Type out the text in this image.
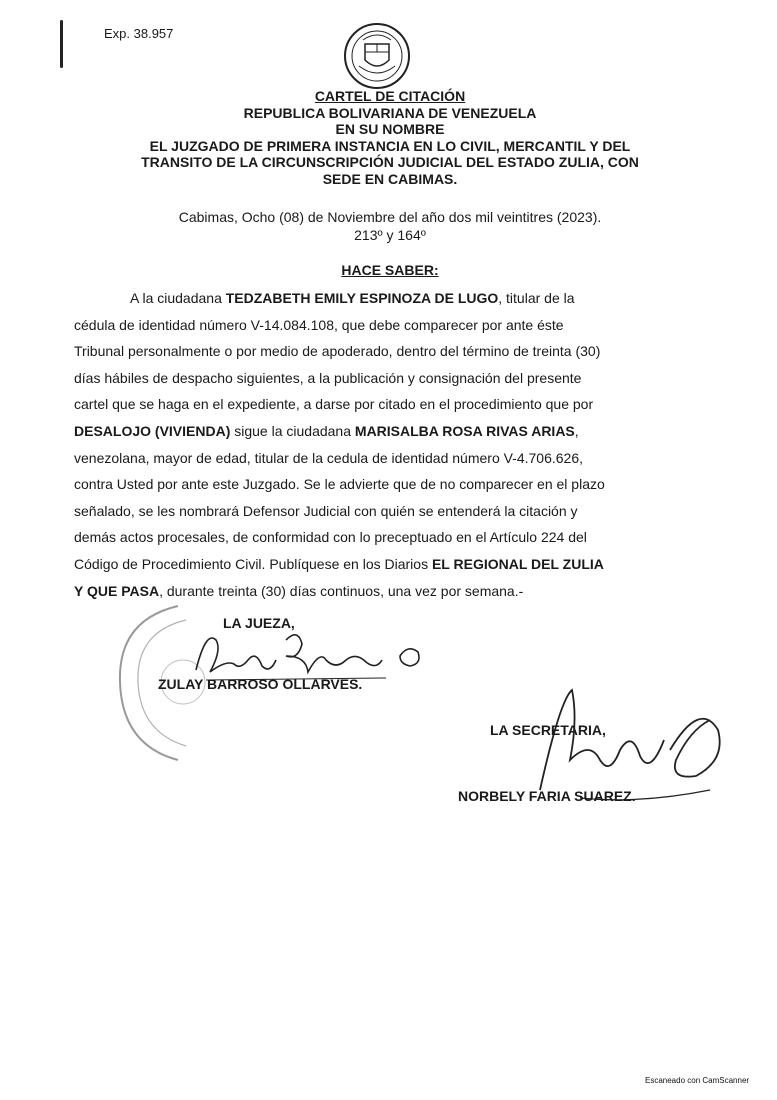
Exp. 38.957
CARTEL DE CITACIÓN
REPUBLICA BOLIVARIANA DE VENEZUELA
EN SU NOMBRE
EL JUZGADO DE PRIMERA INSTANCIA EN LO CIVIL, MERCANTIL Y DEL
TRANSITO DE LA CIRCUNSCRIPCIÓN JUDICIAL DEL ESTADO ZULIA, CON
SEDE EN CABIMAS.
Cabimas, Ocho (08) de Noviembre del año dos mil veintitres (2023).
213º y 164º
HACE SABER:
A la ciudadana TEDZABETH EMILY ESPINOZA DE LUGO, titular de la
cédula de identidad número V-14.084.108, que debe comparecer por ante éste
Tribunal personalmente o por medio de apoderado, dentro del término de treinta (30)
días hábiles de despacho siguientes, a la publicación y consignación del presente
cartel que se haga en el expediente, a darse por citado en el procedimiento que por
DESALOJO (VIVIENDA) sigue la ciudadana MARISALBA ROSA RIVAS ARIAS,
venezolana, mayor de edad, titular de la cedula de identidad número V-4.706.626,
contra Usted por ante este Juzgado. Se le advierte que de no comparecer en el plazo
señalado, se les nombrará Defensor Judicial con quién se entenderá la citación y
demás actos procesales, de conformidad con lo preceptuado en el Artículo 224 del
Código de Procedimiento Civil. Publíquese en los Diarios EL REGIONAL DEL ZULIA
Y QUE PASA, durante treinta (30) días continuos, una vez por semana.-
LA JUEZA,
ZULAY BARROSO OLLARVES.
LA SECRETARIA,
NORBELY FARIA SUAREZ.
Escaneado con CamScanner
